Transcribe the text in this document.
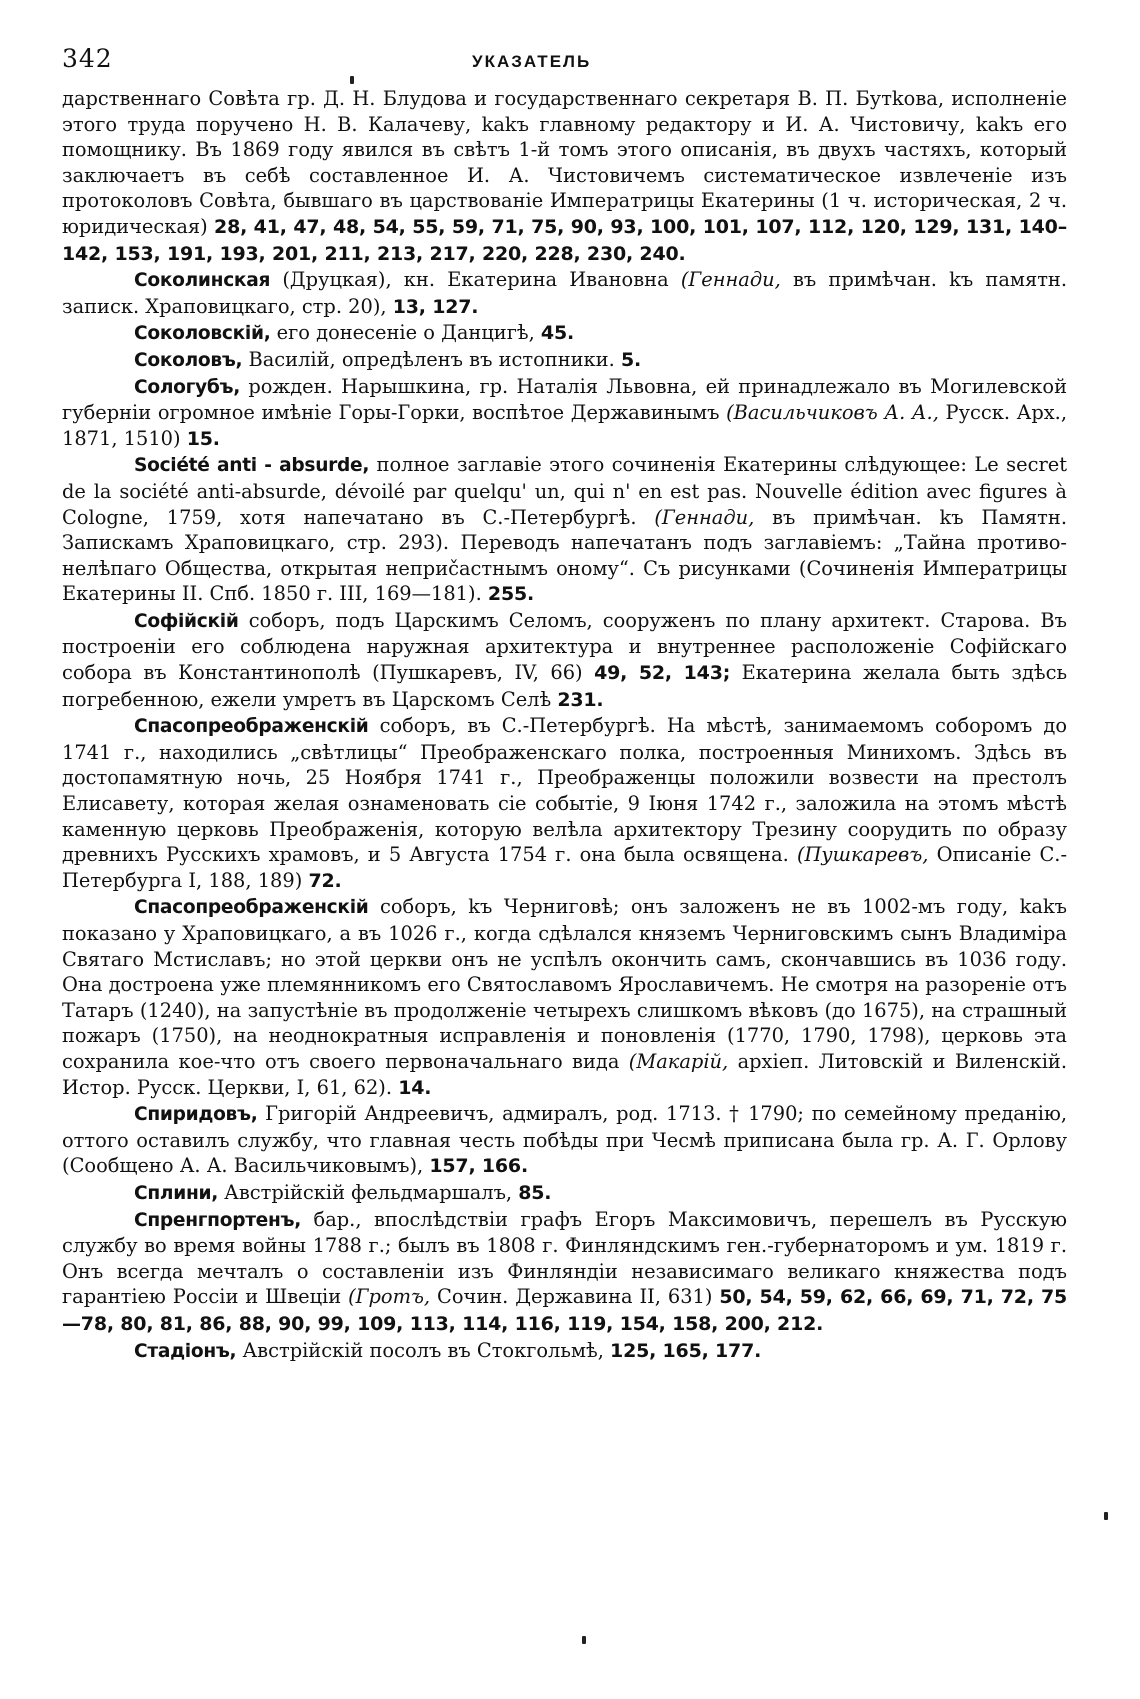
342	УКАЗАТЕЛЬ

дарственнаго Совѣта гр. Д. Н. Блудова и государственнаго секретаря В. П. Бутkова, исполненіе этого труда поручено Н. В. Калачеву, kakъ главному редактору и И. А. Чистовичу, kakъ его помощнику. Въ 1869 году явился въ свѣтъ 1-й томъ этого описанія, въ двухъ частяхъ, который заключаетъ въ себѣ составленное И. А. Чистовичемъ систематическое извлеченіе изъ протоколовъ Совѣта, бывшаго въ царствованіе Императрицы Екатерины (1 ч. историческая, 2 ч. юридическая) 28, 41, 47, 48, 54, 55, 59, 71, 75, 90, 93, 100, 101, 107, 112, 120, 129, 131, 140–142, 153, 191, 193, 201, 211, 213, 217, 220, 228, 230, 240.

Соколинская (Друцкая), кн. Екатерина Ивановна (Геннади, въ примѣчан. kъ памятн. записк. Храповицкаго, стр. 20), 13, 127.

Соколовскій, его донесеніе о Данцигѣ, 45.

Соколовъ, Василій, опредѣленъ въ истопники. 5.

Сологубъ, рожден. Нарышкина, гр. Наталія Львовна, ей принадлежало въ Могилевской губерніи огромное имѣніе Горы-Горки, воспѣтое Державинымъ (Васильчиковъ А. А., Русск. Арх., 1871, 1510) 15.

Société anti - absurde, полное заглавіе этого сочиненія Екатерины слѣдующее: Le secret de la société anti-absurde, dévoilé par quelqu' un, qui n' en est pas. Nouvelle édition avec figures à Cologne, 1759, хотя напечатано въ С.-Петербургѣ. (Геннади, въ примѣчан. kъ Памятн. Запискамъ Храповицкаго, стр. 293). Переводъ напечатанъ подъ заглавіемъ: „Тайна противо-нелѣпаго Общества, открытая неприčастнымъ оному“. Съ рисунками (Сочиненія Императрицы Екатерины II. Спб. 1850 г. III, 169—181). 255.

Софійскій соборъ, подъ Царскимъ Селомъ, сооруженъ по плану архитект. Старова. Въ построеніи его соблюдена наружная архитектура и внутреннее расположеніе Софійскаго собора въ Константинополѣ (Пушкаревъ, IV, 66) 49, 52, 143; Екатерина желала быть здѣсь погребенною, ежели умретъ въ Царскомъ Селѣ 231.

Спасопреображенскій соборъ, въ С.-Петербургѣ. На мѣстѣ, занимаемомъ соборомъ до 1741 г., находились „свѣтлицы“ Преображенскаго полка, построенныя Минихомъ. Здѣсь въ достопамятную ночь, 25 Ноября 1741 г., Преображенцы положили возвести на престолъ Елисавету, которая желая ознаменовать сіе событіе, 9 Іюня 1742 г., заложила на этомъ мѣстѣ каменную церковь Преображенія, которую велѣла архитектору Трезину соорудить по образу древнихъ Русскихъ храмовъ, и 5 Августа 1754 г. она была освящена. (Пушкаревъ, Описаніе С.-Петербурга I, 188, 189) 72.

Спасопреображенскій соборъ, kъ Черниговѣ; онъ заложенъ не въ 1002-мъ году, kakъ показано у Храповицкаго, а въ 1026 г., когда сдѣлался княземъ Черниговскимъ сынъ Владиміра Святаго Мстиславъ; но этой церкви онъ не успѣлъ окончить самъ, скончавшись въ 1036 году. Она достроена уже племянникомъ его Святославомъ Ярославичемъ. Не смотря на разореніе отъ Татаръ (1240), на запустѣніе въ продолженіе четырехъ слишкомъ вѣковъ (до 1675), на страшный пожаръ (1750), на неоднократныя исправленія и поновленія (1770, 1790, 1798), церковь эта сохранила кое-что отъ своего первоначальнаго вида (Макарій, архіеп. Литовскій и Виленскій. Истор. Русск. Церкви, I, 61, 62). 14.

Спиридовъ, Григорій Андреевичъ, адмиралъ, род. 1713. † 1790; по семейному преданію, оттого оставилъ службу, что главная честь побѣды при Чесмѣ приписана была гр. А. Г. Орлову (Сообщено А. А. Васильчиковымъ), 157, 166.

Сплини, Австрійскій фельдмаршалъ, 85.

Спренгпортенъ, бар., впослѣдствіи графъ Егоръ Максимовичъ, перешелъ въ Русскую службу во время войны 1788 г.; былъ въ 1808 г. Финляндскимъ ген.-губернаторомъ и ум. 1819 г. Онъ всегда мечталъ о составленіи изъ Финляндіи независимаго великаго княжества подъ гарантіею Россіи и Швеціи (Гротъ, Сочин. Державина II, 631) 50, 54, 59, 62, 66, 69, 71, 72, 75—78, 80, 81, 86, 88, 90, 99, 109, 113, 114, 116, 119, 154, 158, 200, 212.

Стадіонъ, Австрійскій посолъ въ Стокгольмѣ, 125, 165, 177.
